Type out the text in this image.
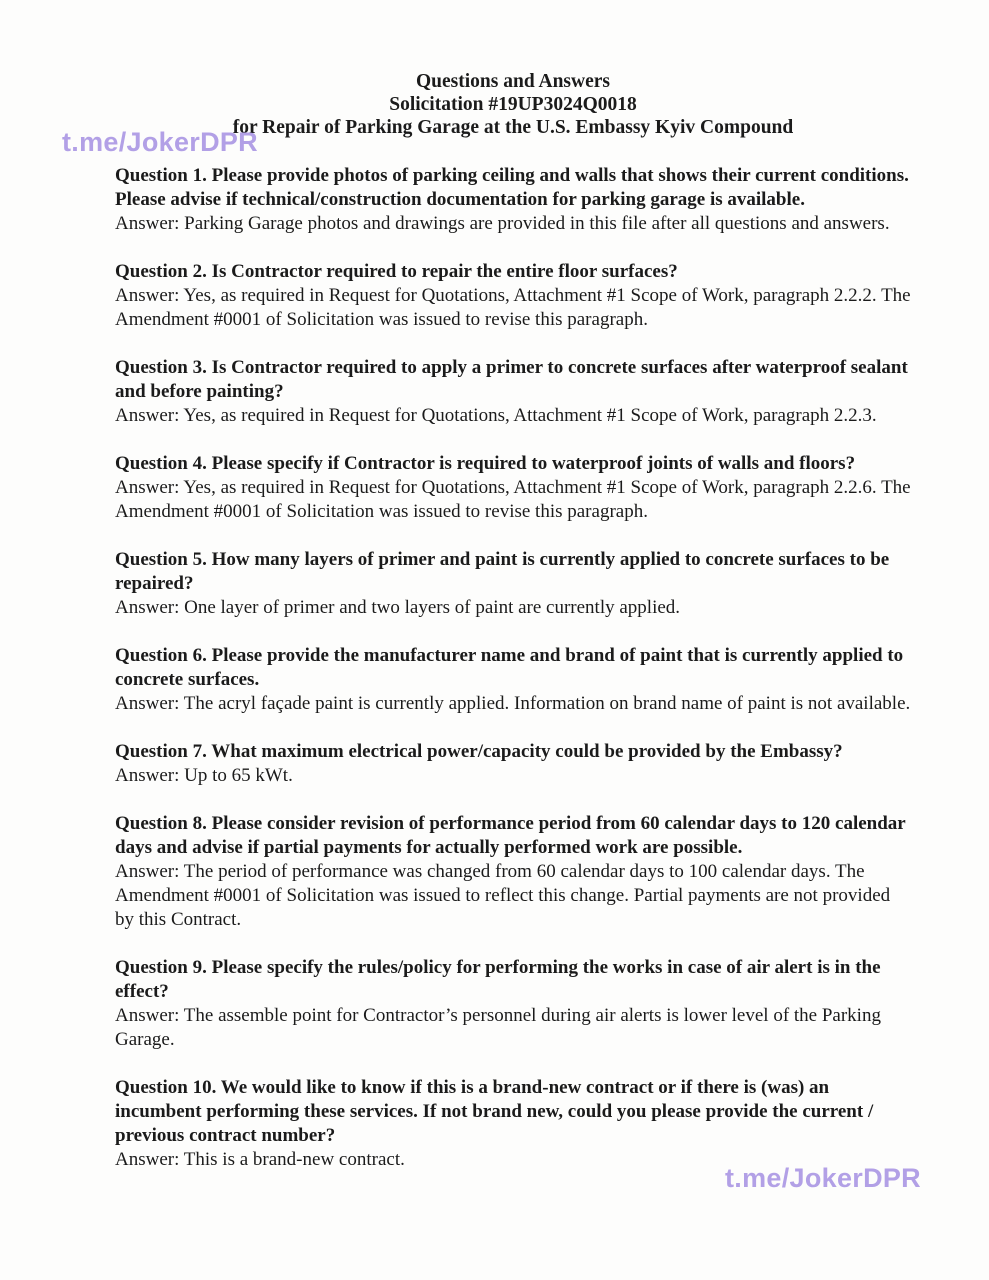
t.me/JokerDPR
t.me/JokerDPR
Questions and Answers
Solicitation #19UP3024Q0018
for Repair of Parking Garage at the U.S. Embassy Kyiv Compound

Question 1. Please provide photos of parking ceiling and walls that shows their current conditions. Please advise if technical/construction documentation for parking garage is available.

Answer: Parking Garage photos and drawings are provided in this file after all questions and answers.

Question 2. Is Contractor required to repair the entire floor surfaces?

Answer: Yes, as required in Request for Quotations, Attachment #1 Scope of Work, paragraph 2.2.2. The Amendment #0001 of Solicitation was issued to revise this paragraph.

Question 3. Is Contractor required to apply a primer to concrete surfaces after waterproof sealant and before painting?

Answer: Yes, as required in Request for Quotations, Attachment #1 Scope of Work, paragraph 2.2.3.

Question 4. Please specify if Contractor is required to waterproof joints of walls and floors?

Answer: Yes, as required in Request for Quotations, Attachment #1 Scope of Work, paragraph 2.2.6. The Amendment #0001 of Solicitation was issued to revise this paragraph.

Question 5. How many layers of primer and paint is currently applied to concrete surfaces to be repaired?

Answer: One layer of primer and two layers of paint are currently applied.

Question 6. Please provide the manufacturer name and brand of paint that is currently applied to concrete surfaces.

Answer: The acryl façade paint is currently applied. Information on brand name of paint is not available.

Question 7. What maximum electrical power/capacity could be provided by the Embassy?

Answer: Up to 65 kWt.

Question 8. Please consider revision of performance period from 60 calendar days to 120 calendar days and advise if partial payments for actually performed work are possible.

Answer: The period of performance was changed from 60 calendar days to 100 calendar days. The Amendment #0001 of Solicitation was issued to reflect this change. Partial payments are not provided by this Contract.

Question 9. Please specify the rules/policy for performing the works in case of air alert is in the effect?

Answer: The assemble point for Contractor’s personnel during air alerts is lower level of the Parking Garage.

Question 10. We would like to know if this is a brand-new contract or if there is (was) an incumbent performing these services. If not brand new, could you please provide the current / previous contract number?

Answer: This is a brand-new contract.
